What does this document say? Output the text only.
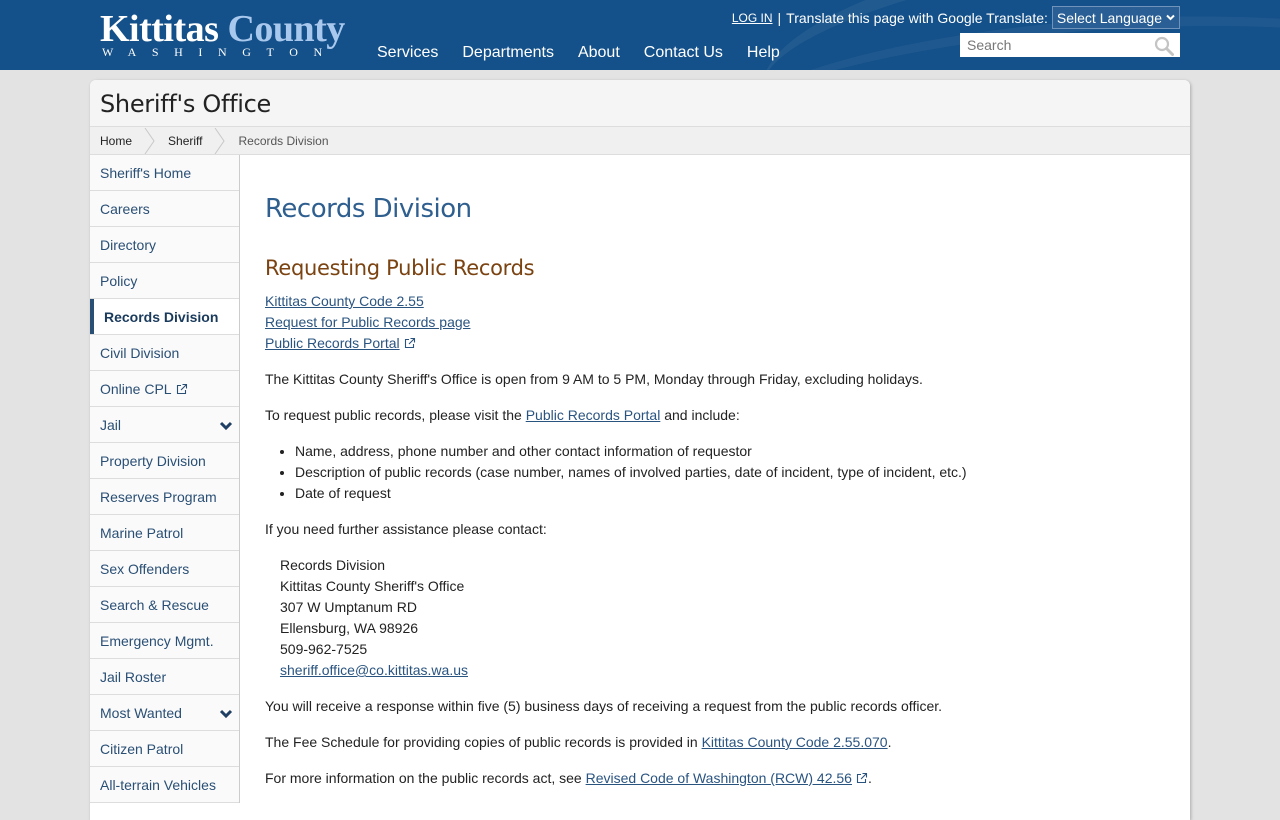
Kittitas County
WASHINGTON	Services Departments About Contact Us Help
LOG IN | Translate this page with Google Translate: Select Language
Search
Sheriff's Office
Home	Sheriff	Records Division
Sheriff's Home
Careers
Directory
Policy
Records Division
Civil Division
Online CPL
Jail
Property Division
Reserves Program
Marine Patrol
Sex Offenders
Search & Rescue
Emergency Mgmt.
Jail Roster
Most Wanted
Citizen Patrol
All-terrain Vehicles
Records Division
Requesting Public Records
Kittitas County Code 2.55
Request for Public Records page
Public Records Portal

The Kittitas County Sheriff's Office is open from 9 AM to 5 PM, Monday through Friday, excluding holidays.

To request public records, please visit the Public Records Portal and include:

• Name, address, phone number and other contact information of requestor
• Description of public records (case number, names of involved parties, date of incident, type of incident, etc.)
• Date of request

If you need further assistance please contact:

Records Division
Kittitas County Sheriff's Office
307 W Umptanum RD
Ellensburg, WA 98926
509-962-7525
sheriff.office@co.kittitas.wa.us

You will receive a response within five (5) business days of receiving a request from the public records officer.

The Fee Schedule for providing copies of public records is provided in Kittitas County Code 2.55.070.

For more information on the public records act, see Revised Code of Washington (RCW) 42.56 .
